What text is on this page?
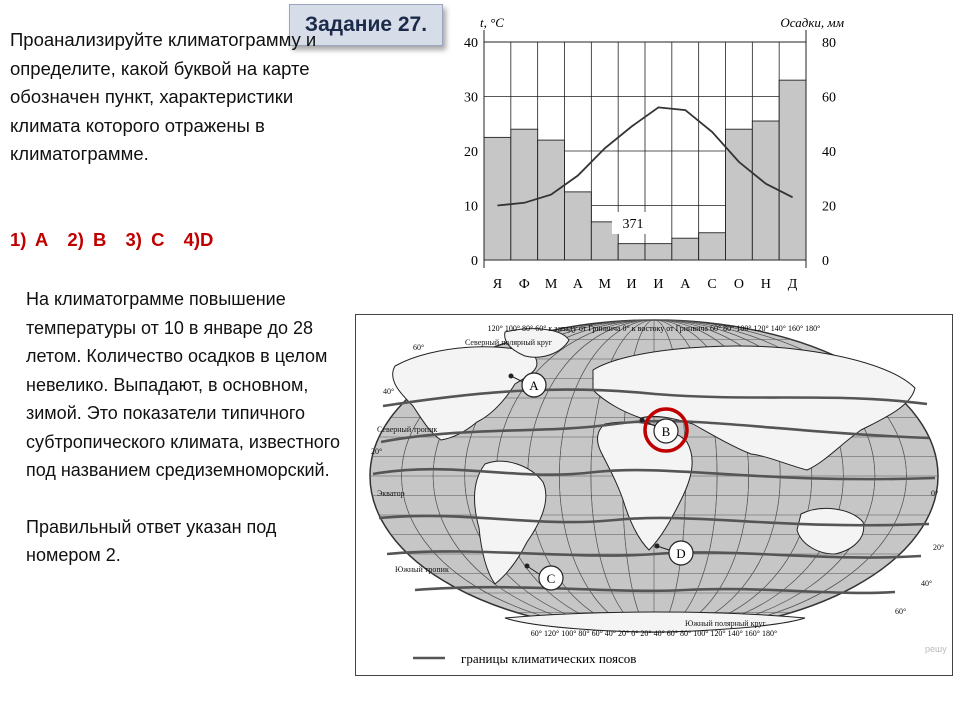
Задание 27.
Проанализируйте климатограмму и определите, какой буквой на карте обозначен пункт, характеристики климата которого отражены в климатограмме.
1) A 2) B 3) C 4)D

На климатограмме повышение температуры от 10 в январе до 28 летом. Количество осадков в целом невелико. Выпадают, в основном, зимой. Это показатели типичного субтропического климата, известного под названием средиземноморский.

Правильный ответ указан под номером 2.

0
10
20
30
40
0
20
40
60
80
Я Ф М А М И И А С О Н Д
t, °C	Осадки, мм
371
120° 100° 80° 60° к западу от Гринвича 0° к востоку от Гринвича 60° 80° 100° 120° 140° 160° 180°
60° 120° 100° 80° 60° 40° 20° 0° 20° 40° 60° 80° 100° 120° 140° 160° 180°
Северный полярный круг
Северный тропик
Экватор
Южный тропик
Южный полярный круг
60°
40°
20°
0°
20°
40°
60°
A
B
C
D
границы климатических поясов
решу
